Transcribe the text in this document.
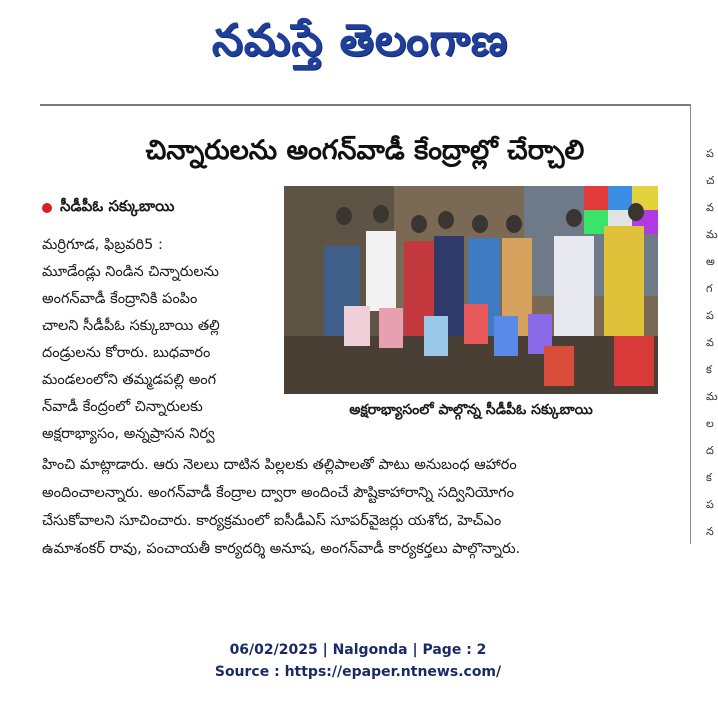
నమస్తే తెలంగాణ
ప
చ
వ
మ
అ
గ
ప
వ
క
మ
ల
ద
క
ప
న
చిన్నారులను అంగన్‌వాడీ కేంద్రాల్లో చేర్చాలి
సీడీపీఓ సక్కుబాయి
అక్షరాభ్యాసంలో పాల్గొన్న సీడీపీఓ సక్కుబాయి
మర్రిగూడ, ఫిబ్రవరి5 :
మూడేండ్లు నిండిన చిన్నారులను
అంగన్‌వాడీ కేంద్రానికి పంపిం
చాలని సీడీపీఓ సక్కుబాయి తల్లి
దండ్రులను కోరారు. బుధవారం
మండలంలోని తమ్మడపల్లి అంగ
న్‌వాడీ కేంద్రంలో చిన్నారులకు
అక్షరాభ్యాసం, అన్నప్రాసన నిర్వ
హించి మాట్లాడారు. ఆరు నెలలు దాటిన పిల్లలకు తల్లిపాలతో పాటు అనుబంధ ఆహారం
అందించాలన్నారు. అంగన్‌వాడీ కేంద్రాల ద్వారా అందించే పౌష్టికాహారాన్ని సద్వినియోగం
చేసుకోవాలని సూచించారు. కార్యక్రమంలో ఐసీడీఎస్ సూపర్‌వైజర్లు యశోద, హెచ్‌ఎం
ఉమాశంకర్ రావు, పంచాయతీ కార్యదర్శి అనూష, అంగన్‌వాడీ కార్యకర్తలు పాల్గొన్నారు.
06/02/2025 | Nalgonda | Page : 2
Source : https://epaper.ntnews.com/
